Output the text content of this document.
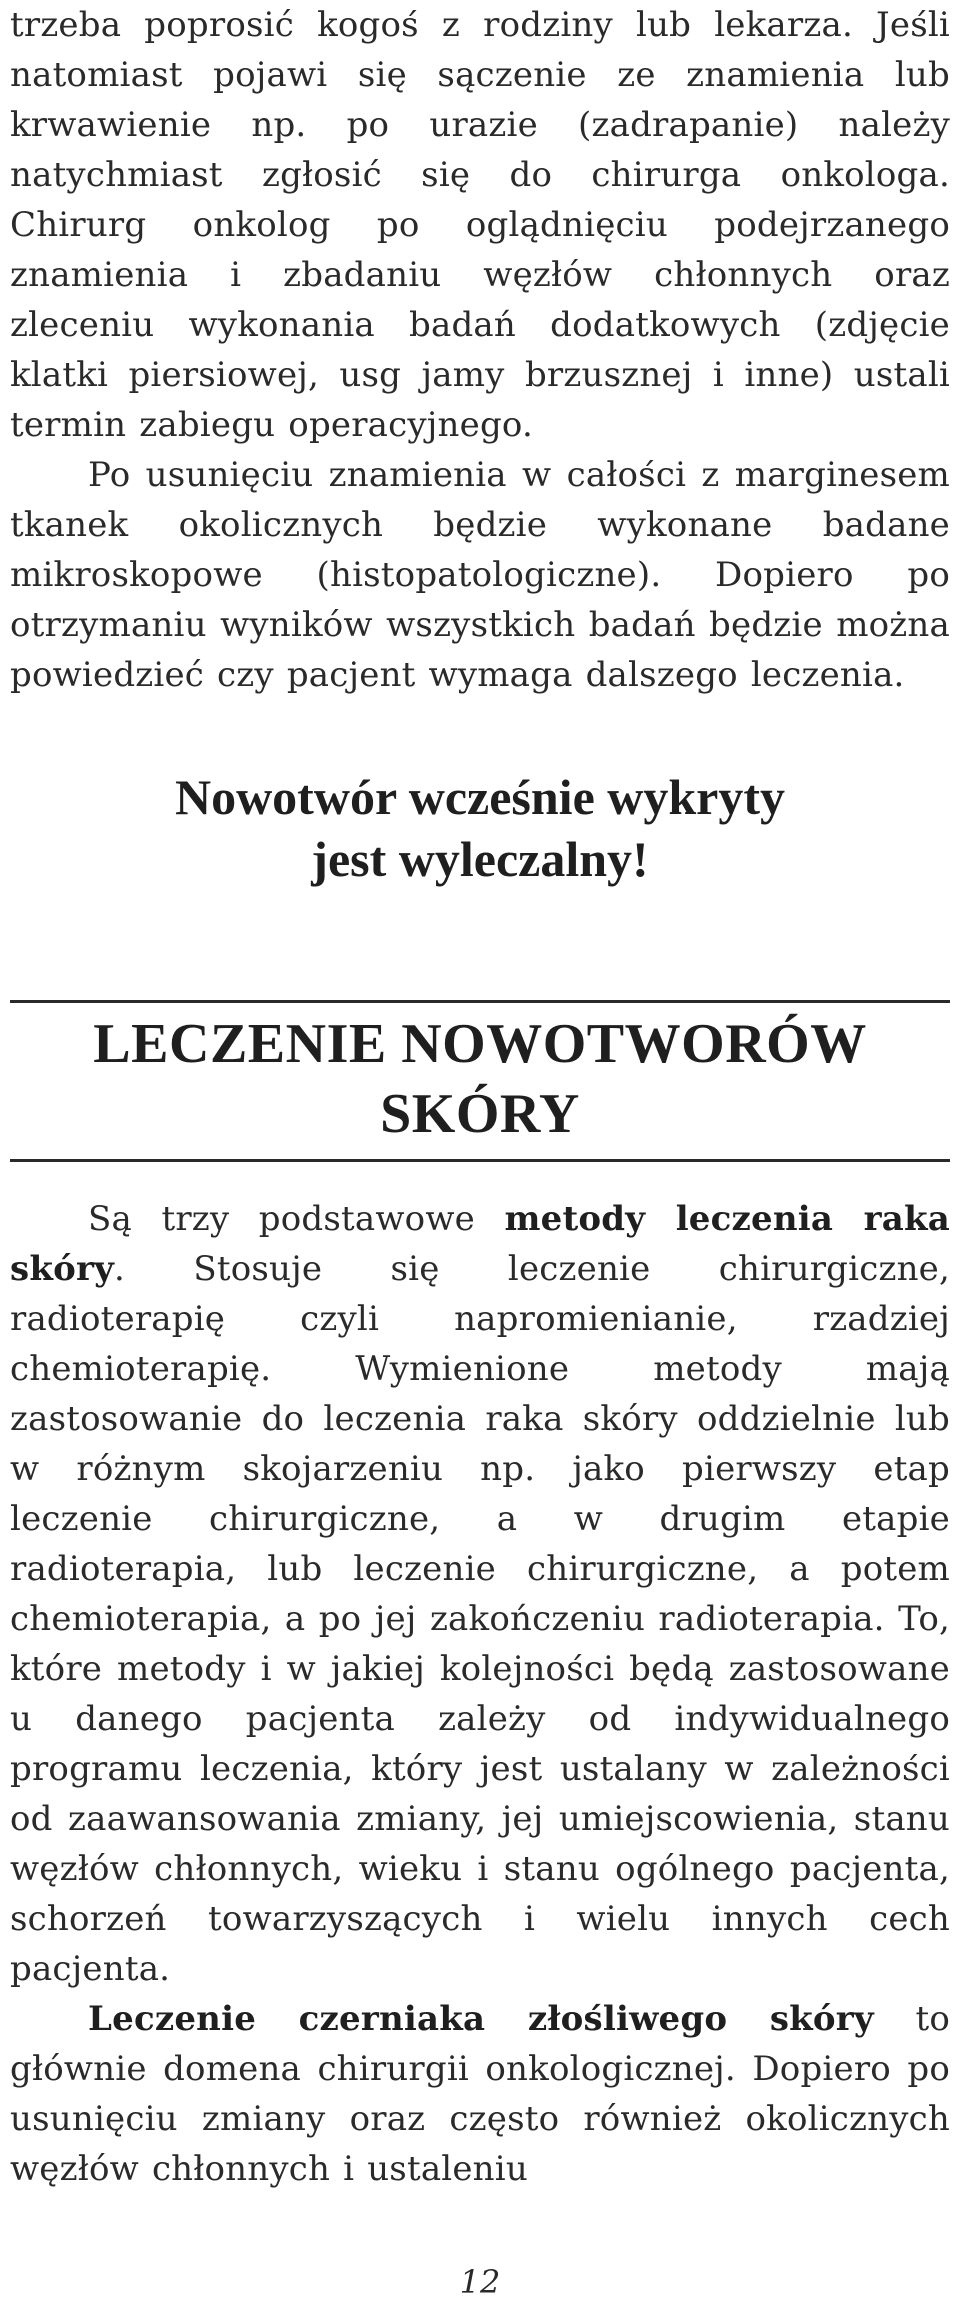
trzeba poprosić kogoś z rodziny lub lekarza. Jeśli natomiast pojawi się sączenie ze znamienia lub krwawienie np. po urazie (zadrapanie) należy natychmiast zgłosić się do chirurga onkologa. Chirurg onkolog po oglądnięciu podejrzanego znamienia i zbadaniu węzłów chłonnych oraz zleceniu wykonania badań dodatkowych (zdjęcie klatki piersiowej, usg jamy brzusznej i inne) ustali termin zabiegu operacyjnego.

Po usunięciu znamienia w całości z marginesem tkanek okolicznych będzie wykonane badane mikroskopowe (histopatologiczne). Dopiero po otrzymaniu wyników wszystkich badań będzie można powiedzieć czy pacjent wymaga dalszego leczenia.

Nowotwór wcześnie wykryty

jest wyleczalny!

LECZENIE NOWOTWORÓW SKÓRY

Są trzy podstawowe metody leczenia raka skóry. Stosuje się leczenie chirurgiczne, radioterapię czyli napromienianie, rzadziej chemioterapię. Wymienione metody mają zastosowanie do leczenia raka skóry oddzielnie lub w różnym skojarzeniu np. jako pierwszy etap leczenie chirurgiczne, a w drugim etapie radioterapia, lub leczenie chirurgiczne, a potem chemioterapia, a po jej zakończeniu radioterapia. To, które metody i w jakiej kolejności będą zastosowane u danego pacjenta zależy od indywidualnego programu leczenia, który jest ustalany w zależności od zaawansowania zmiany, jej umiejscowienia, stanu węzłów chłonnych, wieku i stanu ogólnego pacjenta, schorzeń towarzyszących i wielu innych cech pacjenta.

Leczenie czerniaka złośliwego skóry to głównie domena chirurgii onkologicznej. Dopiero po usunięciu zmiany oraz często również okolicznych węzłów chłonnych i ustaleniu

12
